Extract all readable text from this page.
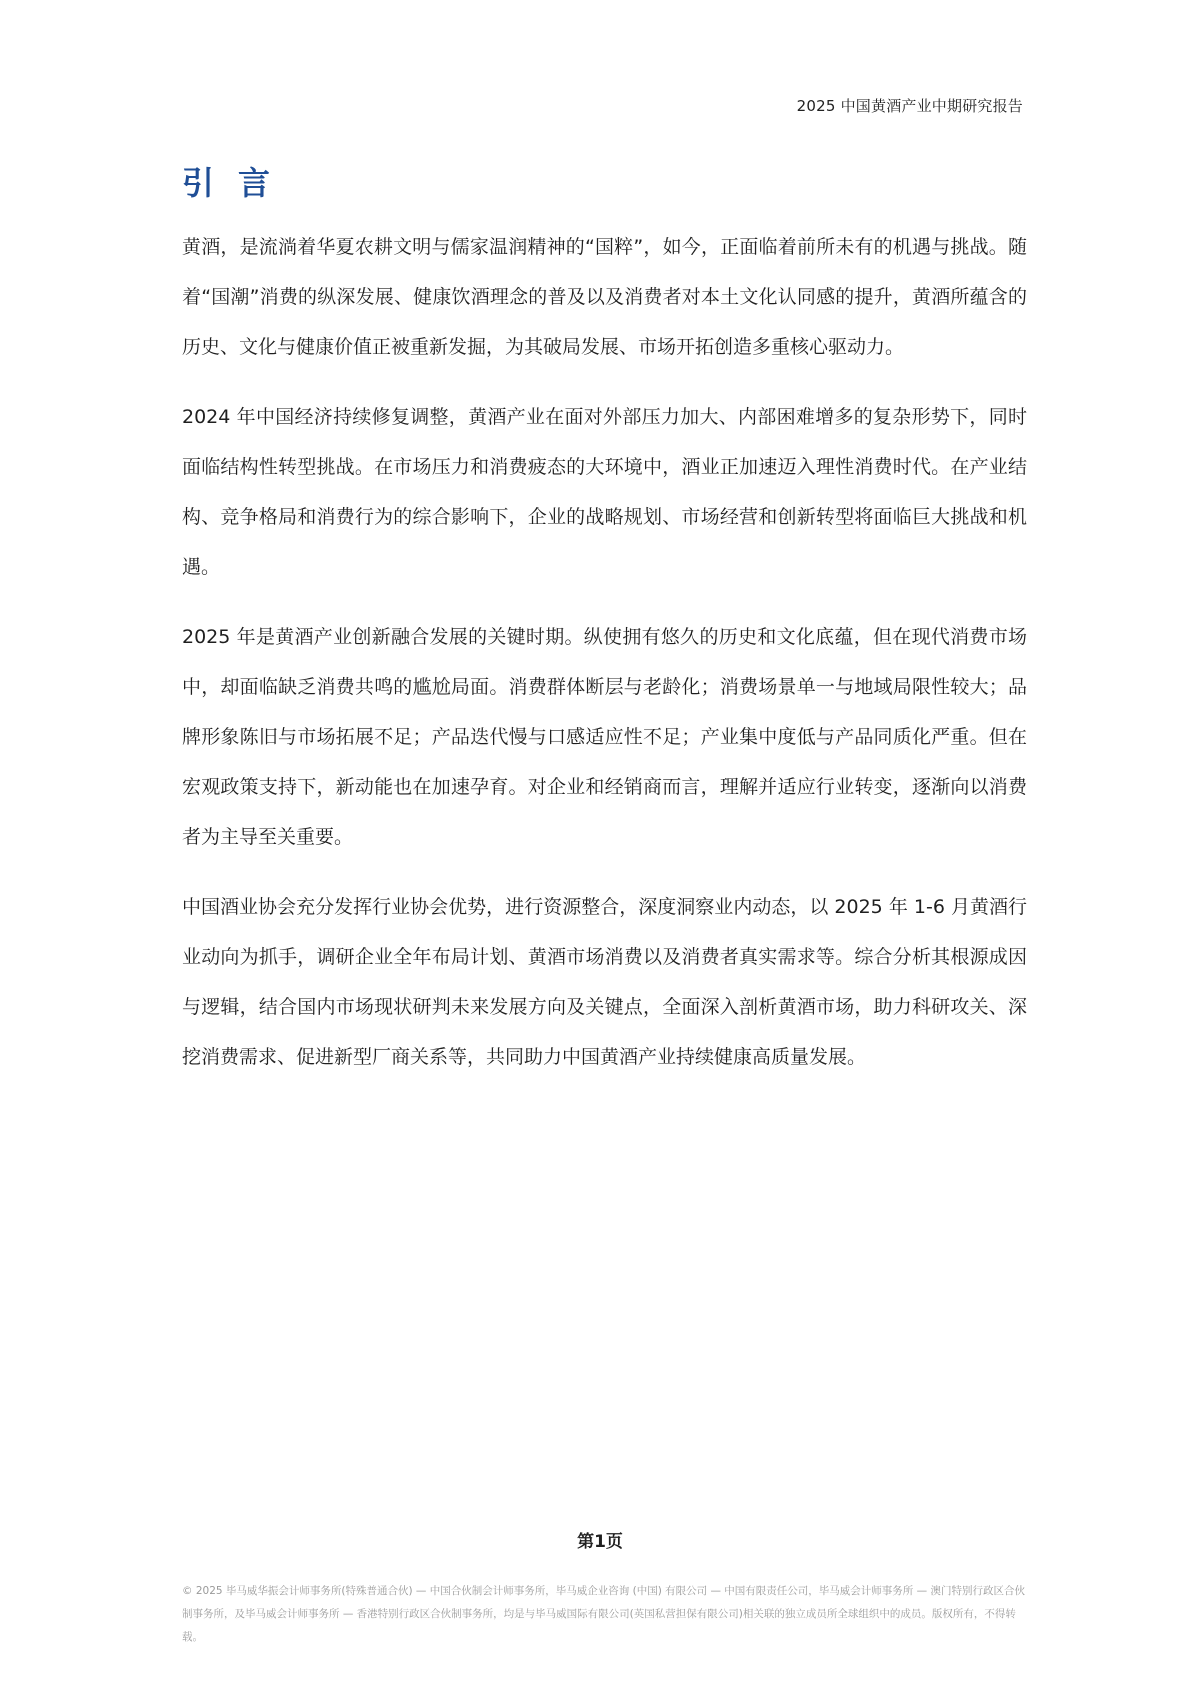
2025 中国黄酒产业中期研究报告
引言

黄酒，是流淌着华夏农耕文明与儒家温润精神的“国粹”，如今，正面临着前所未有的机遇与挑战。随着“国潮”消费的纵深发展、健康饮酒理念的普及以及消费者对本土文化认同感的提升，黄酒所蕴含的历史、文化与健康价值正被重新发掘，为其破局发展、市场开拓创造多重核心驱动力。

2024 年中国经济持续修复调整，黄酒产业在面对外部压力加大、内部困难增多的复杂形势下，同时面临结构性转型挑战。在市场压力和消费疲态的大环境中，酒业正加速迈入理性消费时代。在产业结构、竞争格局和消费行为的综合影响下，企业的战略规划、市场经营和创新转型将面临巨大挑战和机遇。

2025 年是黄酒产业创新融合发展的关键时期。纵使拥有悠久的历史和文化底蕴，但在现代消费市场中，却面临缺乏消费共鸣的尴尬局面。消费群体断层与老龄化；消费场景单一与地域局限性较大；品牌形象陈旧与市场拓展不足；产品迭代慢与口感适应性不足；产业集中度低与产品同质化严重。但在宏观政策支持下，新动能也在加速孕育。对企业和经销商而言，理解并适应行业转变，逐渐向以消费者为主导至关重要。

中国酒业协会充分发挥行业协会优势，进行资源整合，深度洞察业内动态，以 2025 年 1-6 月黄酒行业动向为抓手，调研企业全年布局计划、黄酒市场消费以及消费者真实需求等。综合分析其根源成因与逻辑，结合国内市场现状研判未来发展方向及关键点，全面深入剖析黄酒市场，助力科研攻关、深挖消费需求、促进新型厂商关系等，共同助力中国黄酒产业持续健康高质量发展。

第1页
© 2025 毕马威华振会计师事务所(特殊普通合伙) — 中国合伙制会计师事务所，毕马威企业咨询 (中国) 有限公司 — 中国有限责任公司，毕马威会计师事务所 — 澳门特别行政区合伙制事务所，及毕马威会计师事务所 — 香港特别行政区合伙制事务所，均是与毕马威国际有限公司(英国私营担保有限公司)相关联的独立成员所全球组织中的成员。版权所有，不得转载。
